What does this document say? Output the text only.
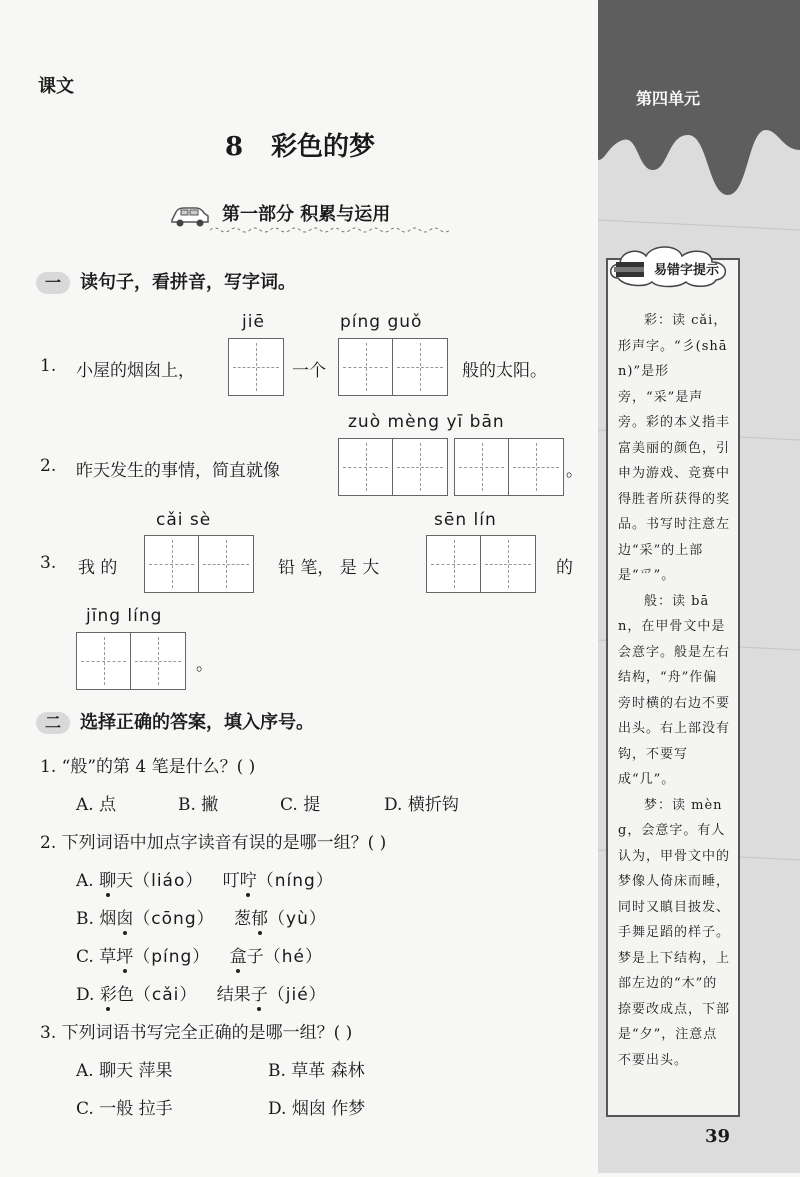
第四单元
易错字提示

彩：读 cǎi，形声字。“彡(shān)”是形旁，“采”是声旁。彩的本义指丰富美丽的颜色，引申为游戏、竞赛中得胜者所获得的奖品。书写时注意左边“采”的上部是“爫”。

般：读 bān，在甲骨文中是会意字。般是左右结构，“舟”作偏旁时横的右边不要出头。右上部没有钩，不要写成“几”。

梦：读 mèng，会意字。有人认为，甲骨文中的梦像人倚床而睡，同时又瞋目披发、手舞足蹈的样子。梦是上下结构，上部左边的“木”的捺要改成点，下部是“夕”，注意点不要出头。

39
课文
8 彩色的梦
第一部分 积累与运用
一 读句子，看拼音，写字词。
jiē	píng guǒ
1. 小屋的烟囱上，	一个	般的太阳。
zuò mèng yī bān
2. 昨天发生的事情，简直就像	。
cǎi sè	sēn lín
3. 我 的	铅 笔， 是 大	的
jīng líng
。
二 选择正确的答案，填入序号。
1. “般”的第 4 笔是什么？( )
A. 点	B. 撇	C. 提	D. 横折钩
2. 下列词语中加点字读音有误的是哪一组？( )
A. 聊天（liáo） 叮咛（níng）
B. 烟囱（cōng） 葱郁（yù）
C. 草坪（píng） 盒子（hé）
D. 彩色（cǎi） 结果子（jié）
3. 下列词语书写完全正确的是哪一组？( )
A. 聊天 萍果	B. 草革 森林
C. 一般 拉手	D. 烟囱 作梦
